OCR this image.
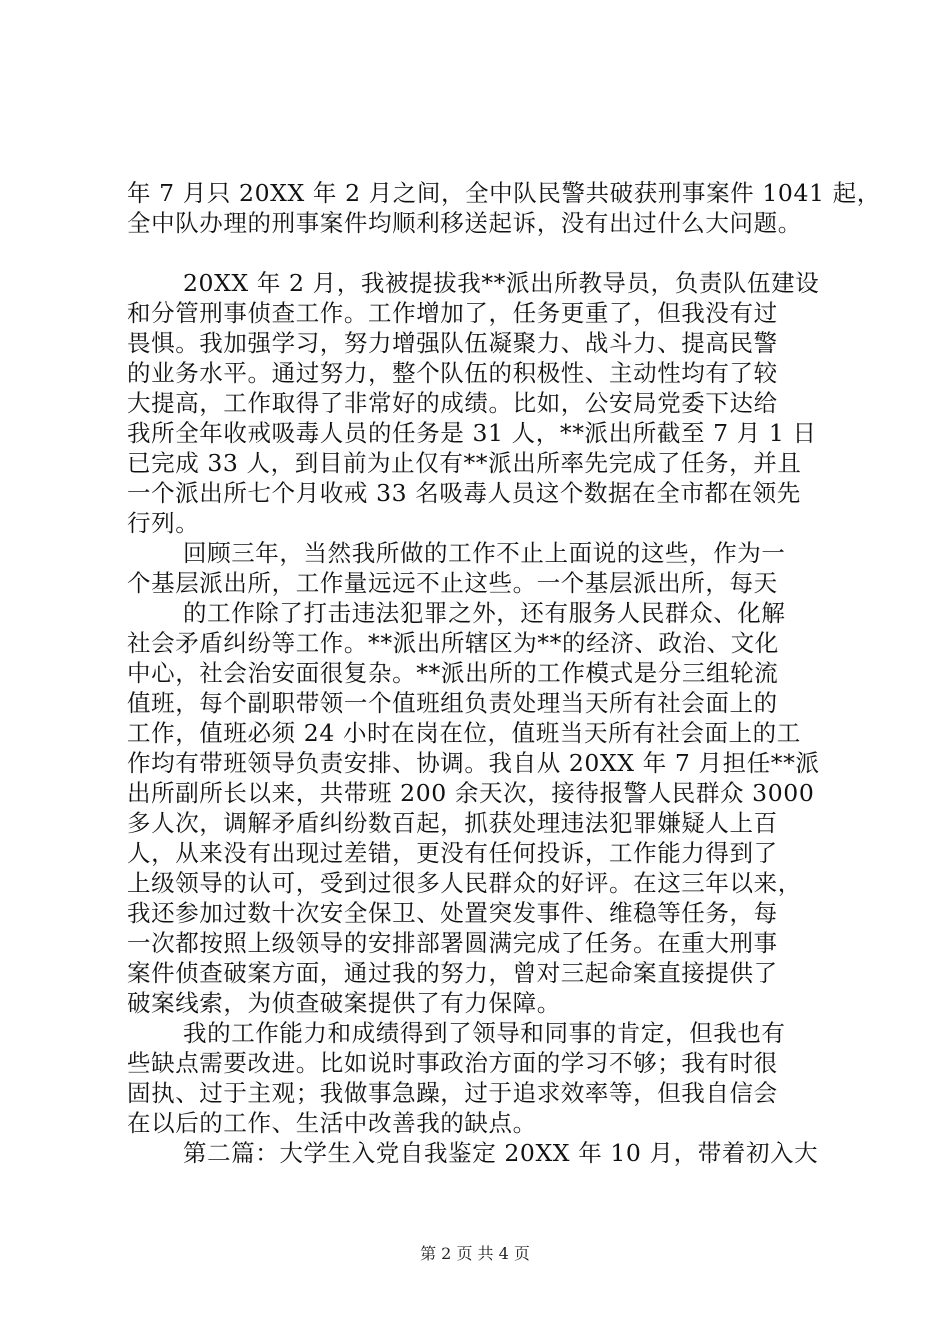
年 7 月只 20XX 年 2 月之间，全中队民警共破获刑事案件 1041 起，
全中队办理的刑事案件均顺利移送起诉，没有出过什么大问题。
20XX 年 2 月，我被提拔我**派出所教导员，负责队伍建设
和分管刑事侦查工作。工作增加了，任务更重了，但我没有过
畏惧。我加强学习，努力增强队伍凝聚力、战斗力、提高民警
的业务水平。通过努力，整个队伍的积极性、主动性均有了较
大提高，工作取得了非常好的成绩。比如，公安局党委下达给
我所全年收戒吸毒人员的任务是 31 人，**派出所截至 7 月 1 日
已完成 33 人，到目前为止仅有**派出所率先完成了任务，并且
一个派出所七个月收戒 33 名吸毒人员这个数据在全市都在领先
行列。
回顾三年，当然我所做的工作不止上面说的这些，作为一
个基层派出所，工作量远远不止这些。一个基层派出所，每天
的工作除了打击违法犯罪之外，还有服务人民群众、化解
社会矛盾纠纷等工作。**派出所辖区为**的经济、政治、文化
中心，社会治安面很复杂。**派出所的工作模式是分三组轮流
值班，每个副职带领一个值班组负责处理当天所有社会面上的
工作，值班必须 24 小时在岗在位，值班当天所有社会面上的工
作均有带班领导负责安排、协调。我自从 20XX 年 7 月担任**派
出所副所长以来，共带班 200 余天次，接待报警人民群众 3000
多人次，调解矛盾纠纷数百起，抓获处理违法犯罪嫌疑人上百
人，从来没有出现过差错，更没有任何投诉，工作能力得到了
上级领导的认可，受到过很多人民群众的好评。在这三年以来，
我还参加过数十次安全保卫、处置突发事件、维稳等任务，每
一次都按照上级领导的安排部署圆满完成了任务。在重大刑事
案件侦查破案方面，通过我的努力，曾对三起命案直接提供了
破案线索，为侦查破案提供了有力保障。
我的工作能力和成绩得到了领导和同事的肯定，但我也有
些缺点需要改进。比如说时事政治方面的学习不够；我有时很
固执、过于主观；我做事急躁，过于追求效率等，但我自信会
在以后的工作、生活中改善我的缺点。
第二篇：大学生入党自我鉴定 20XX 年 10 月，带着初入大
第 2 页 共 4 页
